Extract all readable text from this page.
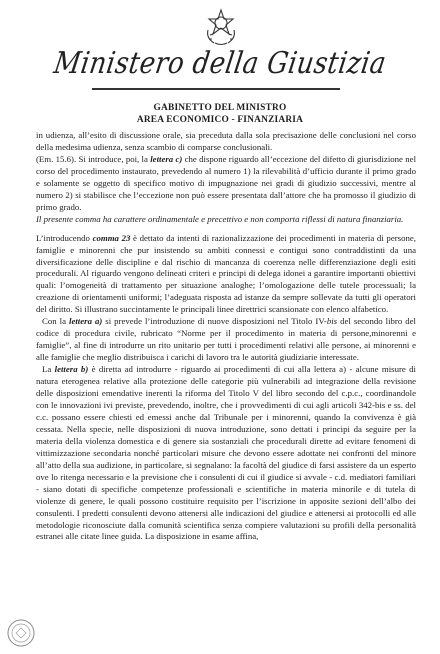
Ministero della Giustizia
GABINETTO DEL MINISTRO
AREA ECONOMICO - FINANZIARIA

in udienza, all’esito di discussione orale, sia preceduta dalla sola precisazione delle conclusioni nel corso della medesima udienza, senza scambio di comparse conclusionali.

(Em. 15.6). Si introduce, poi, la lettera c) che dispone riguardo all’eccezione del difetto di giurisdizione nel corso del procedimento instaurato, prevedendo al numero 1) la rilevabilità d’ufficio durante il primo grado e solamente se oggetto di specifico motivo di impugnazione nei gradi di giudizio successivi, mentre al numero 2) si stabilisce che l’eccezione non può essere presentata dall’attore che ha promosso il giudizio di primo grado.

Il presente comma ha carattere ordinamentale e precettivo e non comporta riflessi di natura finanziaria.

L’introducendo comma 23 è dettato da intenti di razionalizzazione dei procedimenti in materia di persone, famiglie e minorenni che pur insistendo su ambiti connessi e contigui sono contraddistinti da una diversificazione delle discipline e dal rischio di mancanza di coerenza nelle differenziazione degli esiti procedurali. Al riguardo vengono delineati criteri e principi di delega idonei a garantire importanti obiettivi quali: l’omogeneità di trattamento per situazione analoghe; l’omologazione delle tutele processuali; la creazione di orientamenti uniformi; l’adeguata risposta ad istanze da sempre sollevate da tutti gli operatori del diritto. Si illustrano succintamente le principali linee direttrici scansionate con elenco alfabetico.

Con la lettera a) si prevede l’introduzione di nuove disposizioni nel Titolo IV-bis del secondo libro del codice di procedura civile, rubricato “Norme per il procedimento in materia di persone,minorenni e famiglie”, al fine di introdurre un rito unitario per tutti i procedimenti relativi alle persone, ai minorenni e alle famiglie che meglio distribuisca i carichi di lavoro tra le autorità giudiziarie interessate.

La lettera b) è diretta ad introdurre - riguardo ai procedimenti di cui alla lettera a) - alcune misure di natura eterogenea relative alla protezione delle categorie più vulnerabili ad integrazione della revisione delle disposizioni emendative inerenti la riforma del Titolo V del libro secondo del c.p.c., coordinandole con le innovazioni ivi previste, prevedendo, inoltre, che i provvedimenti di cui agli articoli 342-bis e ss. del c.c. possano essere chiesti ed emessi anche dal Tribunale per i minorenni, quando la convivenza è già cessata. Nella specie, nelle disposizioni di nuova introduzione, sono dettati i principi da seguire per la materia della violenza domestica e di genere sia sostanziali che procedurali dirette ad evitare fenomeni di vittimizzazione secondaria nonché particolari misure che devono essere adottate nei confronti del minore all’atto della sua audizione, in particolare, si segnalano: la facoltà del giudice di farsi assistere da un esperto ove lo ritenga necessario e la previsione che i consulenti di cui il giudice si avvale - c.d. mediatori familiari - siano dotati di specifiche competenze professionali e scientifiche in materia minorile e di tutela di violenze di genere, le quali possono costituire requisito per l’iscrizione in apposite sezioni dell’albo dei consulenti. I predetti consulenti devono attenersi alle indicazioni del giudice e attenersi ai protocolli ed alle metodologie riconosciute dalla comunità scientifica senza compiere valutazioni su profili della personalità estranei alle citate linee guida. La disposizione in esame affina,
